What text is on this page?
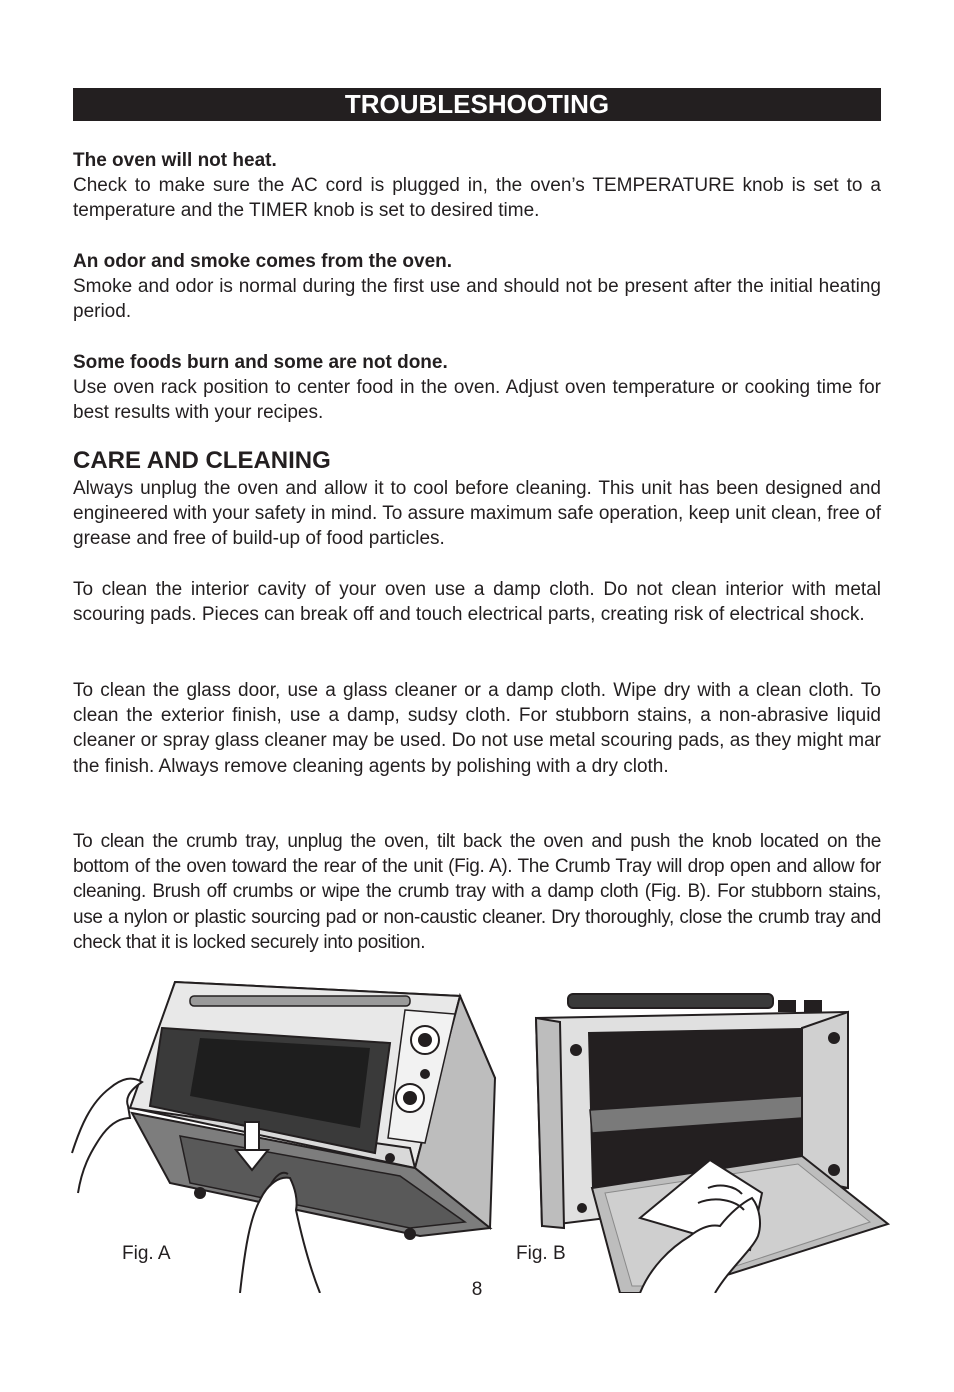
TROUBLESHOOTING

The oven will not heat.

Check to make sure the AC cord is plugged in, the oven’s TEMPERATURE knob is set to a temperature and the TIMER knob is set to desired time.

An odor and smoke comes from the oven.

Smoke and odor is normal during the first use and should not be present after the initial heating period.

Some foods burn and some are not done.

Use oven rack position to center food in the oven. Adjust oven temperature or cooking time for best results with your recipes.

CARE AND CLEANING

Always unplug the oven and allow it to cool before cleaning. This unit has been designed and engineered with your safety in mind. To assure maximum safe operation, keep unit clean, free of grease and free of build-up of food particles.

To clean the interior cavity of your oven use a damp cloth. Do not clean interior with metal scouring pads. Pieces can break off and touch electrical parts, creating risk of electrical shock.

To clean the glass door, use a glass cleaner or a damp cloth. Wipe dry with a clean cloth. To clean the exterior finish, use a damp, sudsy cloth. For stubborn stains, a non-abrasive liquid cleaner or spray glass cleaner may be used. Do not use metal scouring pads, as they might mar the finish. Always remove cleaning agents by polishing with a dry cloth.

To clean the crumb tray, unplug the oven, tilt back the oven and push the knob located on the bottom of the oven toward the rear of the unit (Fig. A). The Crumb Tray will drop open and allow for cleaning. Brush off crumbs or wipe the crumb tray with a damp cloth (Fig. B). For stubborn stains, use a nylon or plastic sourcing pad or non-caustic cleaner. Dry thoroughly, close the crumb tray and check that it is locked securely into position.

Fig. A	Fig. B
8
